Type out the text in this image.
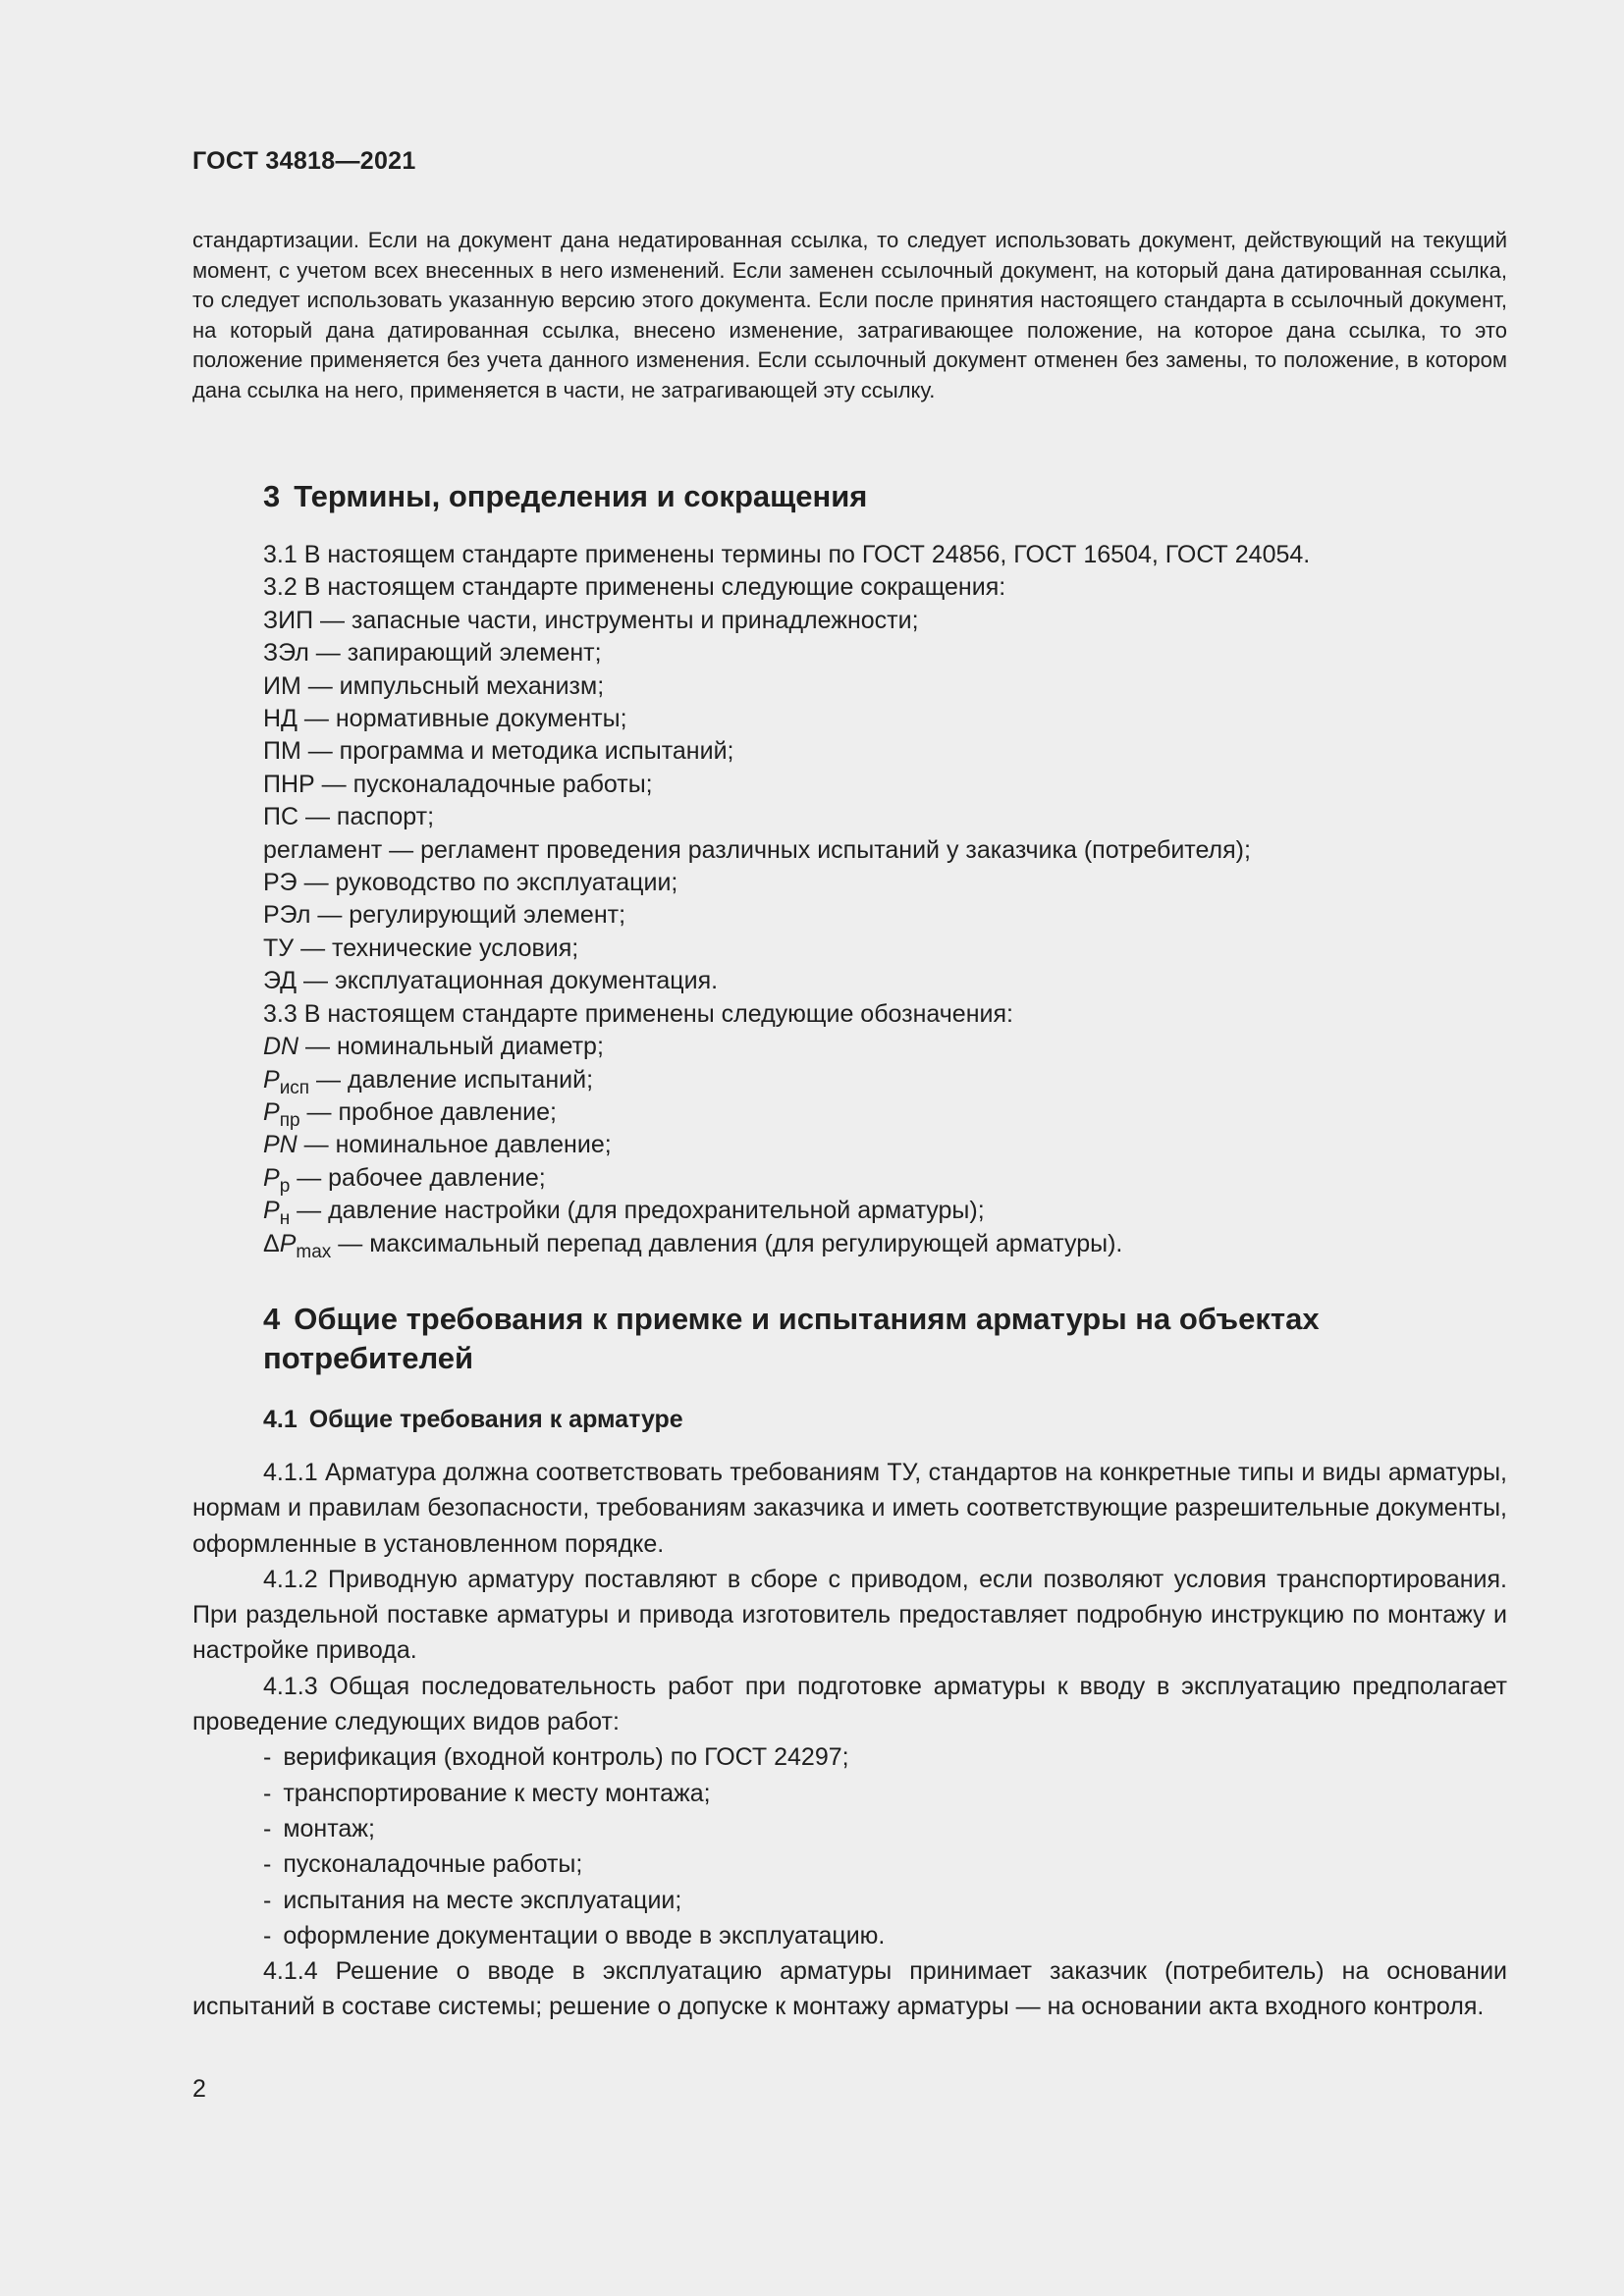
ГОСТ 34818—2021
стандартизации. Если на документ дана недатированная ссылка, то следует использовать документ, действующий на текущий момент, с учетом всех внесенных в него изменений. Если заменен ссылочный документ, на который дана датированная ссылка, то следует использовать указанную версию этого документа. Если после принятия настоящего стандарта в ссылочный документ, на который дана датированная ссылка, внесено изменение, затрагивающее положение, на которое дана ссылка, то это положение применяется без учета данного изменения. Если ссылочный документ отменен без замены, то положение, в котором дана ссылка на него, применяется в части, не затрагивающей эту ссылку.
3 Термины, определения и сокращения
3.1 В настоящем стандарте применены термины по ГОСТ 24856, ГОСТ 16504, ГОСТ 24054.
3.2 В настоящем стандарте применены следующие сокращения:
ЗИП — запасные части, инструменты и принадлежности;
ЗЭл — запирающий элемент;
ИМ — импульсный механизм;
НД — нормативные документы;
ПМ — программа и методика испытаний;
ПНР — пусконаладочные работы;
ПС — паспорт;
регламент — регламент проведения различных испытаний у заказчика (потребителя);
РЭ — руководство по эксплуатации;
РЭл — регулирующий элемент;
ТУ — технические условия;
ЭД — эксплуатационная документация.
3.3 В настоящем стандарте применены следующие обозначения:
DN — номинальный диаметр;
$P_{исп}$ — давление испытаний;
$P_{пр}$ — пробное давление;
PN — номинальное давление;
$P_р$ — рабочее давление;
$P_н$ — давление настройки (для предохранительной арматуры);
$\Delta P_{max}$ — максимальный перепад давления (для регулирующей арматуры).
4 Общие требования к приемке и испытаниям арматуры на объектах потребителей
4.1 Общие требования к арматуре
4.1.1 Арматура должна соответствовать требованиям ТУ, стандартов на конкретные типы и виды арматуры, нормам и правилам безопасности, требованиям заказчика и иметь соответствующие разрешительные документы, оформленные в установленном порядке.
4.1.2 Приводную арматуру поставляют в сборе с приводом, если позволяют условия транспортирования. При раздельной поставке арматуры и привода изготовитель предоставляет подробную инструкцию по монтажу и настройке привода.
4.1.3 Общая последовательность работ при подготовке арматуры к вводу в эксплуатацию предполагает проведение следующих видов работ:
- верификация (входной контроль) по ГОСТ 24297;
- транспортирование к месту монтажа;
- монтаж;
- пусконаладочные работы;
- испытания на месте эксплуатации;
- оформление документации о вводе в эксплуатацию.
4.1.4 Решение о вводе в эксплуатацию арматуры принимает заказчик (потребитель) на основании испытаний в составе системы; решение о допуске к монтажу арматуры — на основании акта входного контроля.
2
